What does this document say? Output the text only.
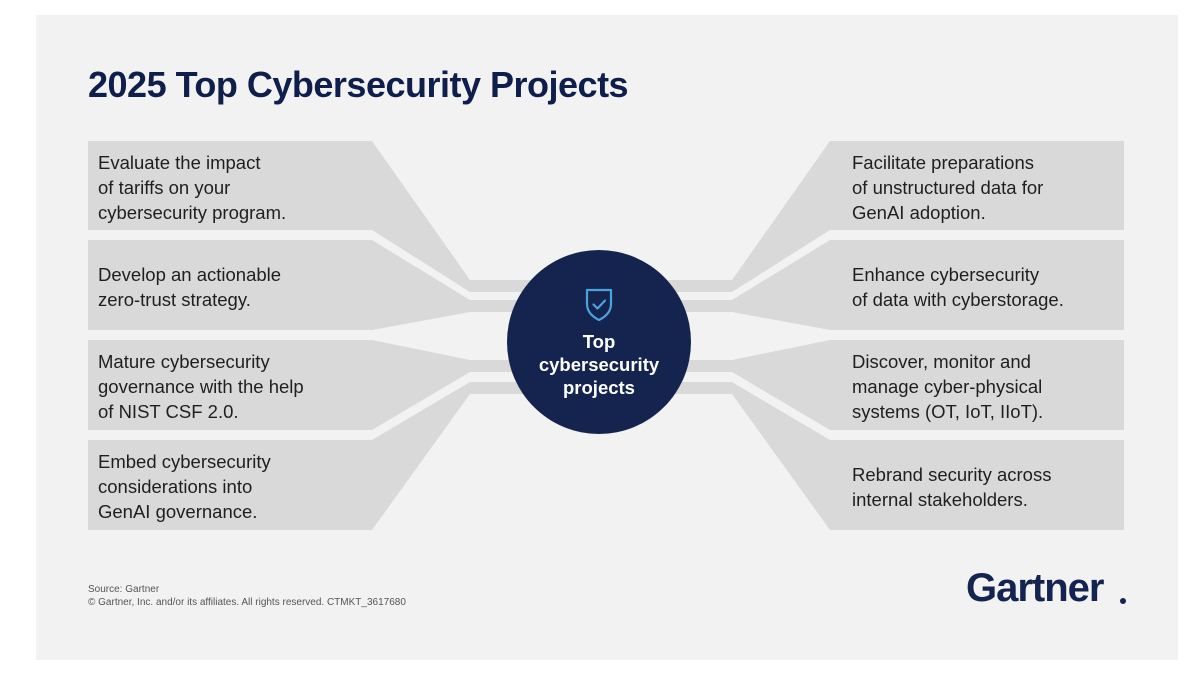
2025 Top Cybersecurity Projects
Evaluate the impact
of tariffs on your
cybersecurity program.
Develop an actionable
zero-trust strategy.
Mature cybersecurity
governance with the help
of NIST CSF 2.0.
Embed cybersecurity
considerations into
GenAI governance.
Facilitate preparations
of unstructured data for
GenAI adoption.
Enhance cybersecurity
of data with cyberstorage.
Discover, monitor and
manage cyber-physical
systems (OT, IoT, IIoT).
Rebrand security across
internal stakeholders.
Top
cybersecurity
projects
Source: Gartner
© Gartner, Inc. and/or its affiliates. All rights reserved. CTMKT_3617680	Gartner
